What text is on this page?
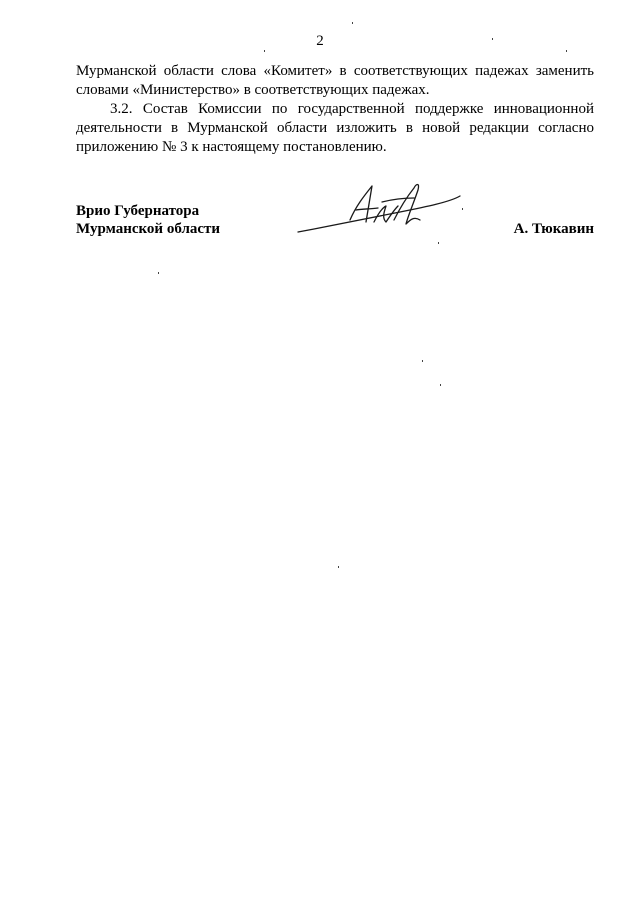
2
Мурманской области слова «Комитет» в соответствующих падежах заменить
словами «Министерство» в соответствующих падежах.
3.2. Состав Комиссии по государственной поддержке инновационной
деятельности в Мурманской области изложить в новой редакции согласно
приложению № 3 к настоящему постановлению.
Врио Губернатора
Мурманской области	А. Тюкавин
